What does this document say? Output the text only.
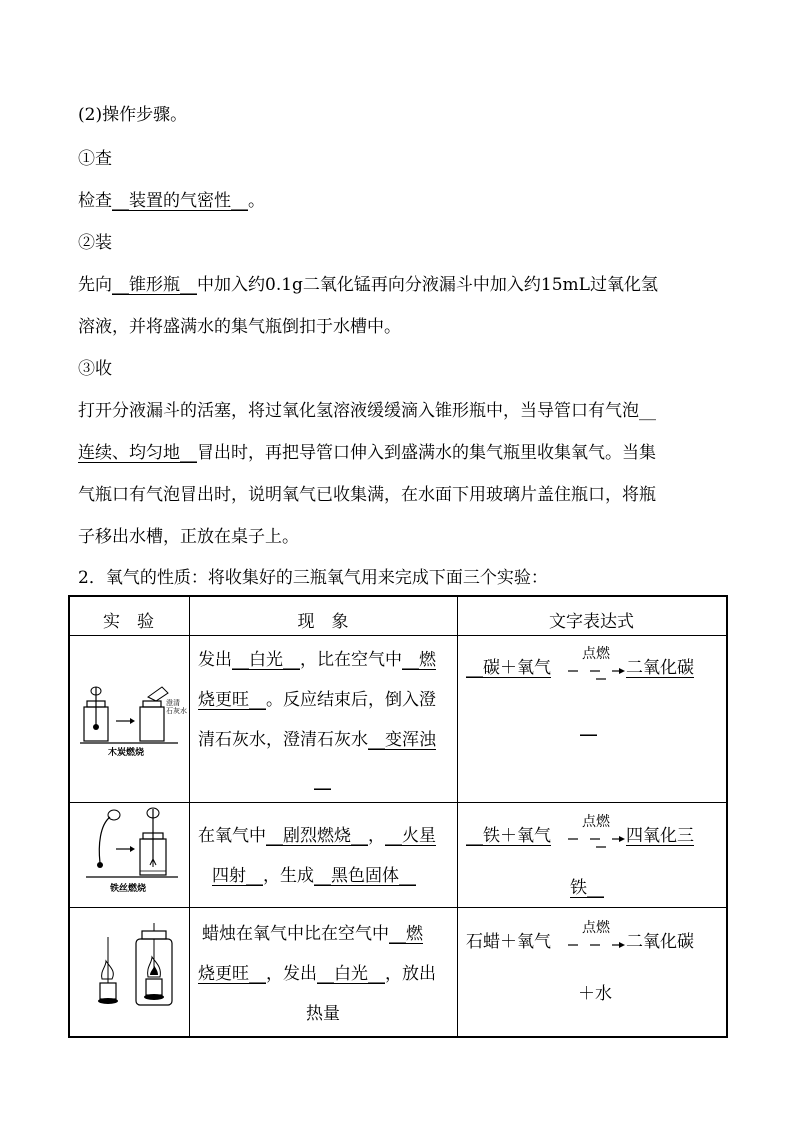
(2)操作步骤。
①查
检查__装置的气密性__。
②装
先向__锥形瓶__中加入约0.1g二氧化锰再向分液漏斗中加入约15mL过氧化氢
溶液，并将盛满水的集气瓶倒扣于水槽中。
③收
打开分液漏斗的活塞，将过氧化氢溶液缓缓滴入锥形瓶中，当导管口有气泡__
连续、均匀地__冒出时，再把导管口伸入到盛满水的集气瓶里收集氧气。当集
气瓶口有气泡冒出时，说明氧气已收集满，在水面下用玻璃片盖住瓶口，将瓶
子移出水槽，正放在桌子上。
2．氧气的性质：将收集好的三瓶氧气用来完成下面三个实验：
实　验	现　象	文字表达式
澄清
石灰水
木炭燃烧
发出__白光__，比在空气中__燃
烧更旺__。反应结束后，倒入澄
清石灰水，澄清石灰水__变浑浊
__
__碳＋氧气
点燃
二氧化碳
__
铁丝燃烧
在氧气中__剧烈燃烧__，__火星
四射__，生成__黑色固体__
__铁＋氧气
点燃
四氧化三
铁__
蜡烛在氧气中比在空气中__燃
烧更旺__，发出__白光__，放出
热量
石蜡＋氧气
点燃
二氧化碳
＋水
